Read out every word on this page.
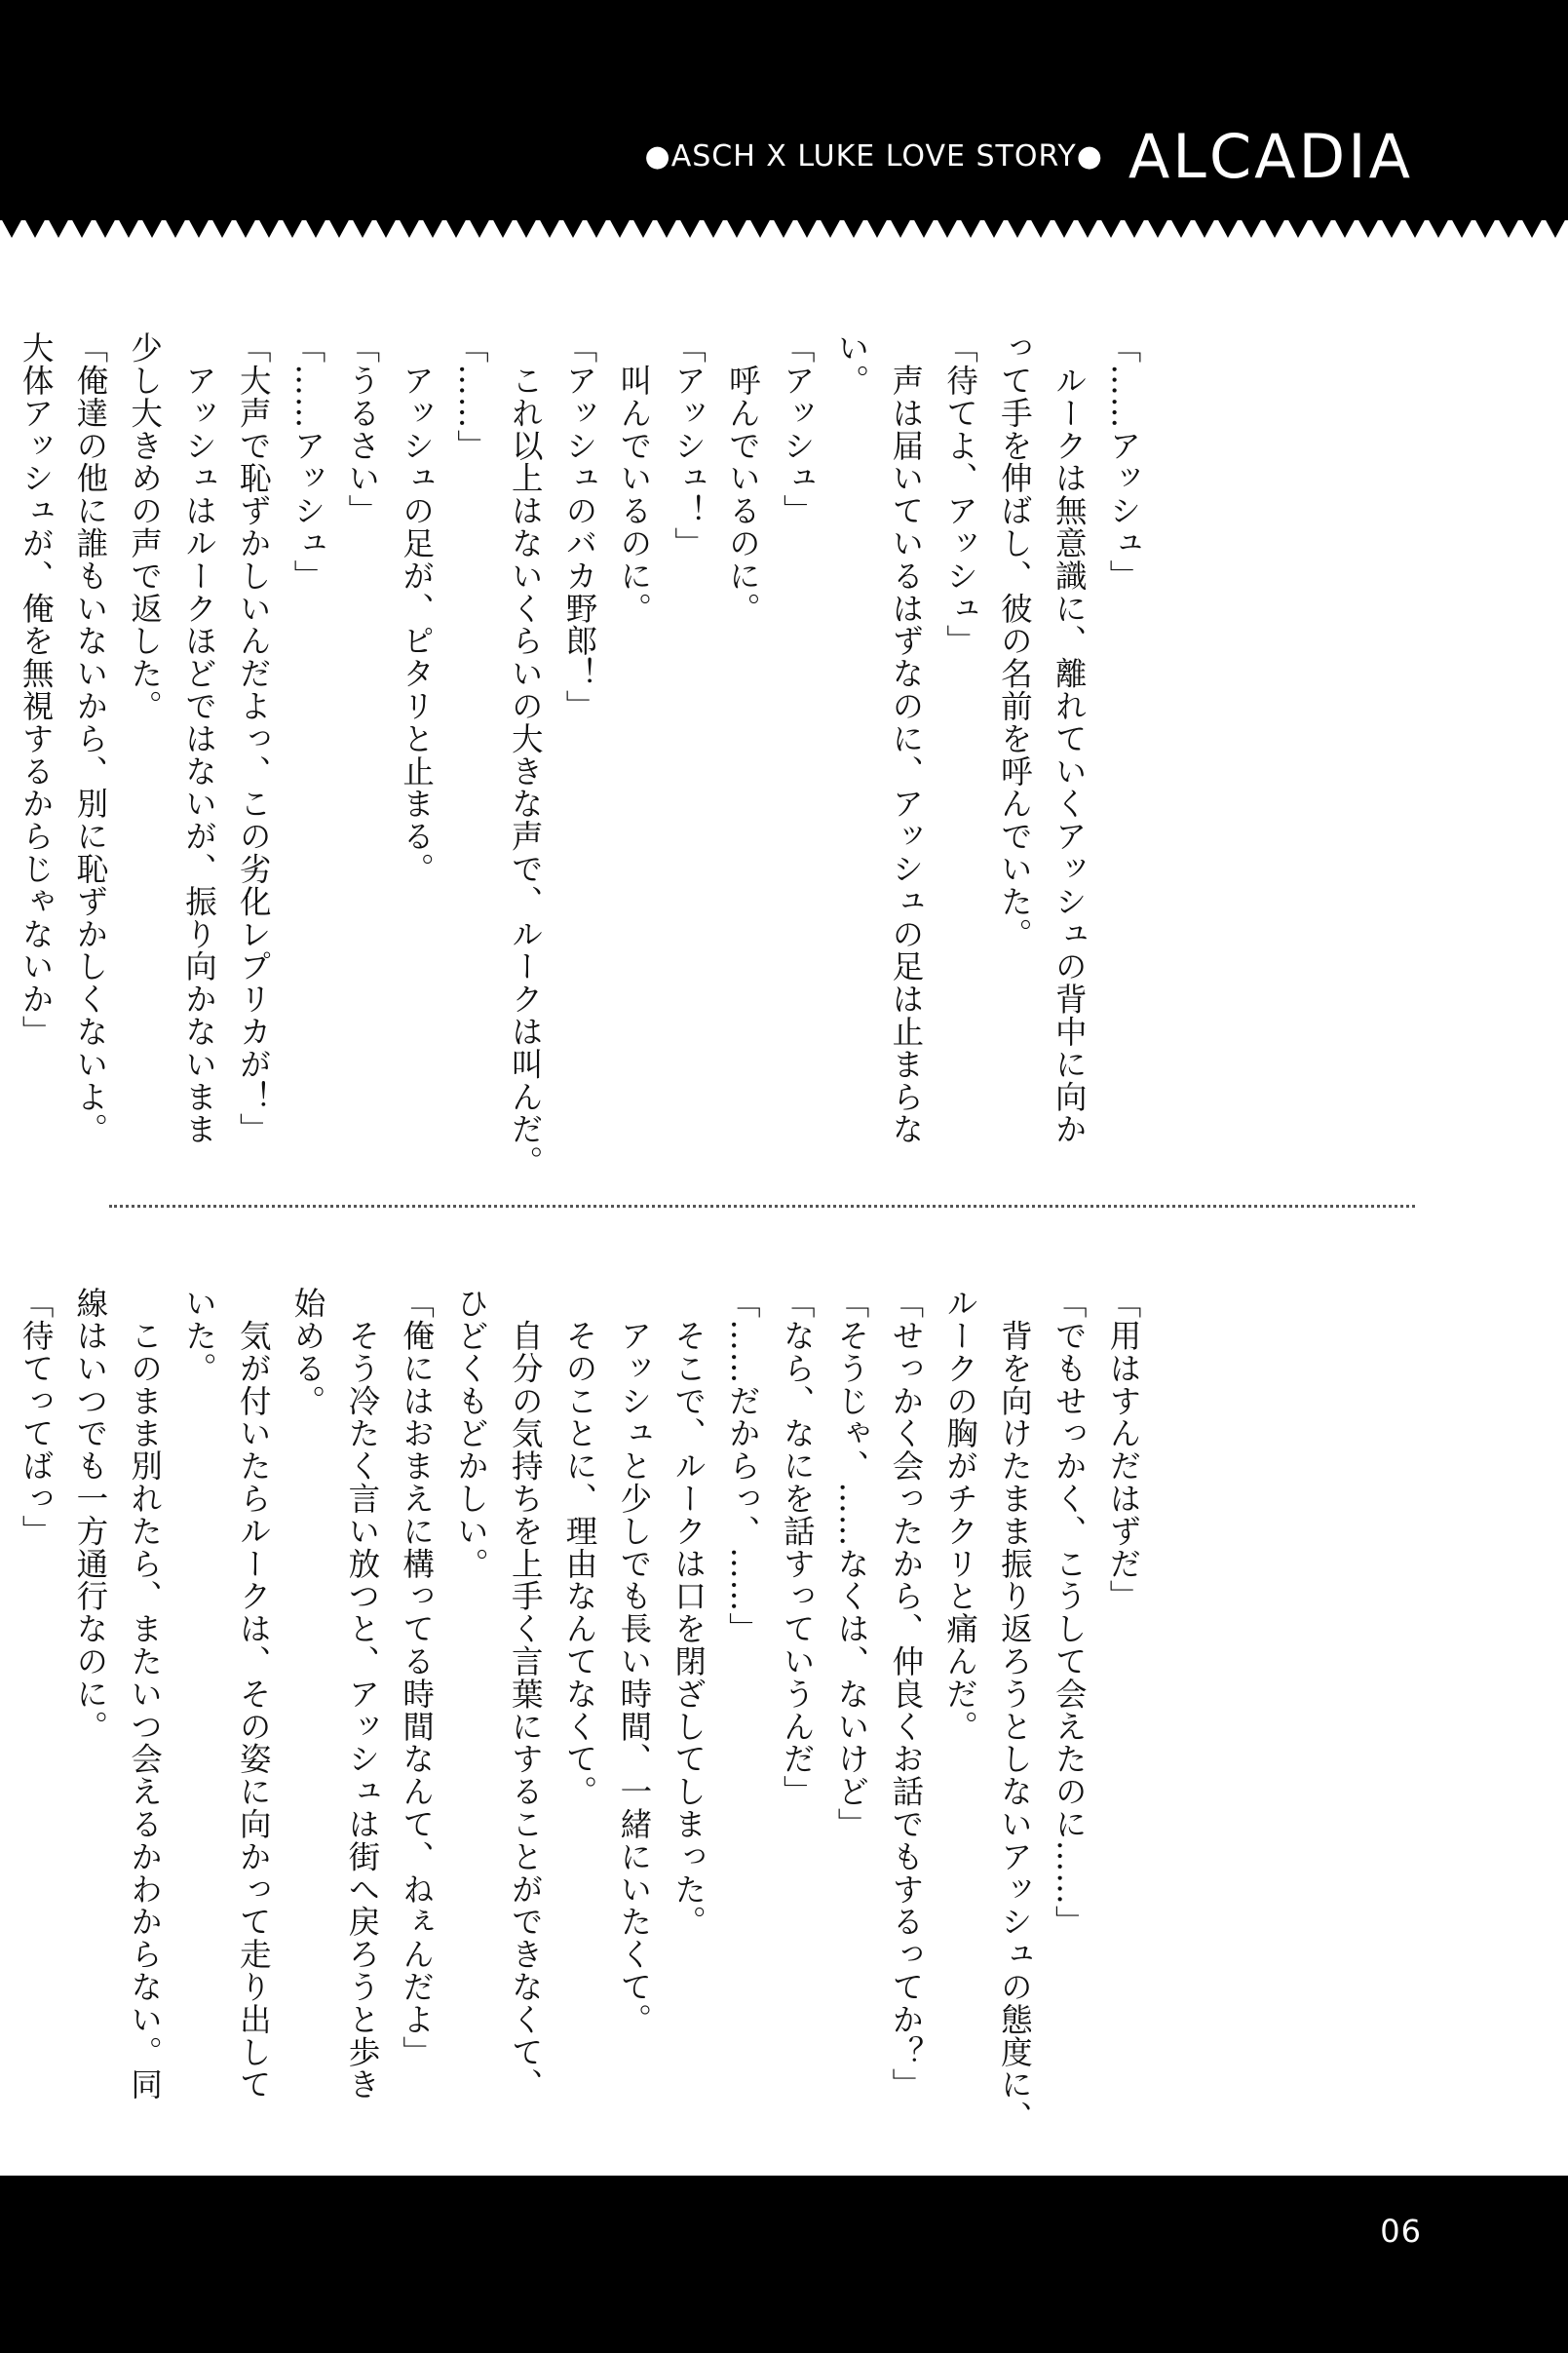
●ASCH X LUKE LOVE STORY● ALCADIA
「……アッシュ」
　ルークは無意識に、離れていくアッシュの背中に向か
って手を伸ばし、彼の名前を呼んでいた。
「待てよ、アッシュ」
　声は届いているはずなのに、アッシュの足は止まらな
い。
「アッシュ」
　呼んでいるのに。
「アッシュ！」
　叫んでいるのに。
「アッシュのバカ野郎！」
　これ以上はないくらいの大きな声で、ルークは叫んだ。
「……」
　アッシュの足が、ピタリと止まる。
「うるさい」
「……アッシュ」
「大声で恥ずかしいんだよっ、この劣化レプリカが！」
　アッシュはルークほどではないが、振り向かないまま
少し大きめの声で返した。
「俺達の他に誰もいないから、別に恥ずかしくないよ。
大体アッシュが、俺を無視するからじゃないか」
「用はすんだはずだ」
「でもせっかく、こうして会えたのに……」
　背を向けたまま振り返ろうとしないアッシュの態度に、
ルークの胸がチクリと痛んだ。
「せっかく会ったから、仲良くお話でもするってか？」
「そうじゃ、……なくは、ないけど」
「なら、なにを話すっていうんだ」
「……だからっ、……」
　そこで、ルークは口を閉ざしてしまった。
　アッシュと少しでも長い時間、一緒にいたくて。
　そのことに、理由なんてなくて。
　自分の気持ちを上手く言葉にすることができなくて、
ひどくもどかしい。
「俺にはおまえに構ってる時間なんて、ねぇんだよ」
　そう冷たく言い放つと、アッシュは街へ戻ろうと歩き
始める。
　気が付いたらルークは、その姿に向かって走り出して
いた。
　このまま別れたら、またいつ会えるかわからない。同
線はいつでも一方通行なのに。
「待てってばっ」
06
